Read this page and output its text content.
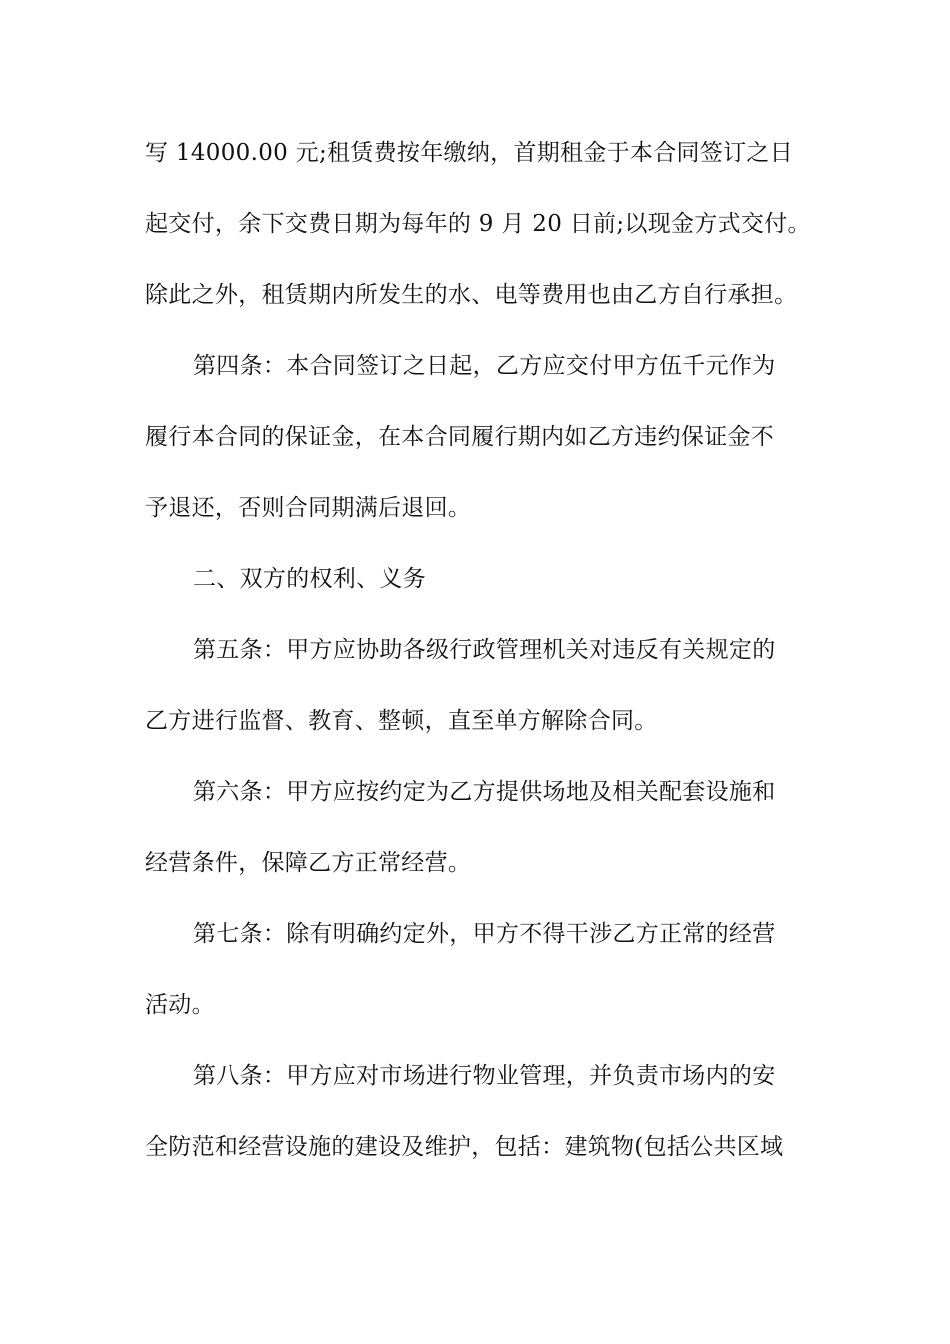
写 14000.00 元;租赁费按年缴纳，首期租金于本合同签订之日
起交付，余下交费日期为每年的 9 月 20 日前;以现金方式交付。
除此之外，租赁期内所发生的水、电等费用也由乙方自行承担。
第四条：本合同签订之日起，乙方应交付甲方伍千元作为
履行本合同的保证金，在本合同履行期内如乙方违约保证金不
予退还，否则合同期满后退回。
二、双方的权利、义务
第五条：甲方应协助各级行政管理机关对违反有关规定的
乙方进行监督、教育、整顿，直至单方解除合同。
第六条：甲方应按约定为乙方提供场地及相关配套设施和
经营条件，保障乙方正常经营。
第七条：除有明确约定外，甲方不得干涉乙方正常的经营
活动。
第八条：甲方应对市场进行物业管理，并负责市场内的安
全防范和经营设施的建设及维护，包括：建筑物(包括公共区域
